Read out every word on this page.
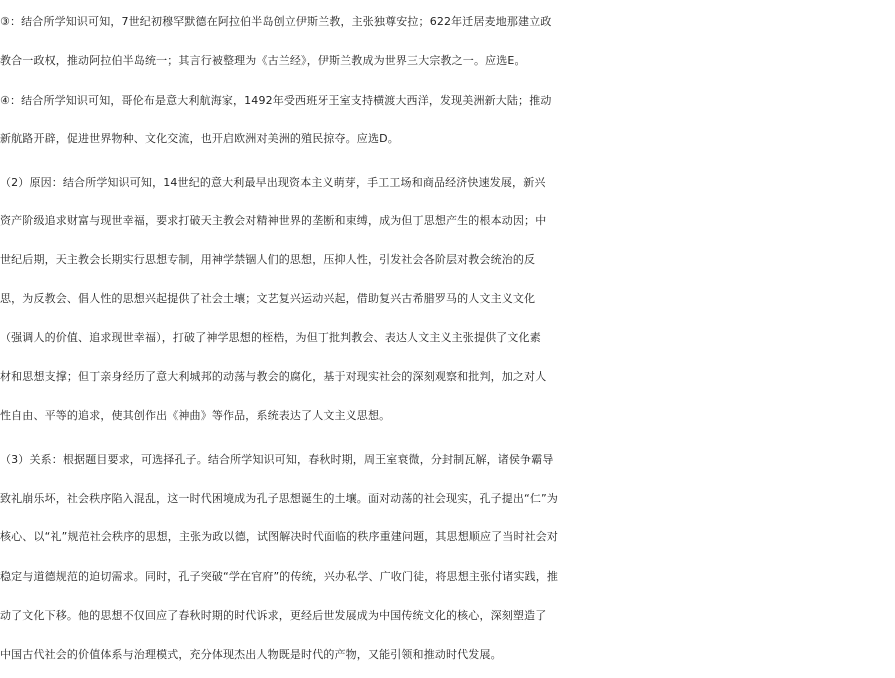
③：结合所学知识可知，7世纪初穆罕默德在阿拉伯半岛创立伊斯兰教，主张独尊安拉；622年迁居麦地那建立政
教合一政权，推动阿拉伯半岛统一；其言行被整理为《古兰经》，伊斯兰教成为世界三大宗教之一。应选E。
④：结合所学知识可知，哥伦布是意大利航海家，1492年受西班牙王室支持横渡大西洋，发现美洲新大陆；推动
新航路开辟，促进世界物种、文化交流，也开启欧洲对美洲的殖民掠夺。应选D。
（2）原因：结合所学知识可知，14世纪的意大利最早出现资本主义萌芽，手工工场和商品经济快速发展，新兴
资产阶级追求财富与现世幸福，要求打破天主教会对精神世界的垄断和束缚，成为但丁思想产生的根本动因；中
世纪后期，天主教会长期实行思想专制，用神学禁锢人们的思想，压抑人性，引发社会各阶层对教会统治的反
思，为反教会、倡人性的思想兴起提供了社会土壤；文艺复兴运动兴起，借助复兴古希腊罗马的人文主义文化
（强调人的价值、追求现世幸福），打破了神学思想的桎梏，为但丁批判教会、表达人文主义主张提供了文化素
材和思想支撑；但丁亲身经历了意大利城邦的动荡与教会的腐化，基于对现实社会的深刻观察和批判，加之对人
性自由、平等的追求，使其创作出《神曲》等作品，系统表达了人文主义思想。
（3）关系：根据题目要求，可选择孔子。结合所学知识可知，春秋时期，周王室衰微，分封制瓦解，诸侯争霸导
致礼崩乐坏，社会秩序陷入混乱，这一时代困境成为孔子思想诞生的土壤。面对动荡的社会现实，孔子提出“仁”为
核心、以“礼”规范社会秩序的思想，主张为政以德，试图解决时代面临的秩序重建问题，其思想顺应了当时社会对
稳定与道德规范的迫切需求。同时，孔子突破“学在官府”的传统，兴办私学、广收门徒，将思想主张付诸实践，推
动了文化下移。他的思想不仅回应了春秋时期的时代诉求，更经后世发展成为中国传统文化的核心，深刻塑造了
中国古代社会的价值体系与治理模式，充分体现杰出人物既是时代的产物，又能引领和推动时代发展。
